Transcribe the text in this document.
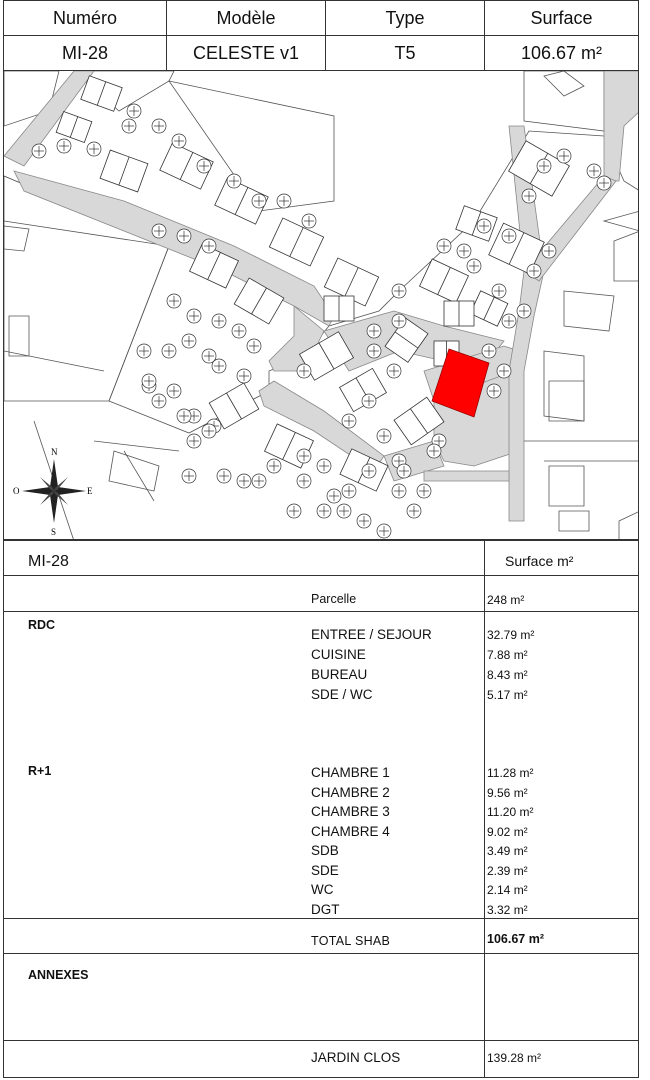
Numéro	Modèle	Type	Surface
MI-28	CELESTE v1	T5	106.67 m²
N
S
E
O
MI-28	Surface m²
Parcelle	248 m²
RDC
ENTREE / SEJOUR	32.79 m²
CUISINE	7.88 m²
BUREAU	8.43 m²
SDE / WC	5.17 m²
R+1	CHAMBRE 1	11.28 m²
CHAMBRE 2	9.56 m²
CHAMBRE 3	11.20 m²
CHAMBRE 4	9.02 m²
SDB	3.49 m²
SDE	2.39 m²
WC	2.14 m²
DGT	3.32 m²
TOTAL SHAB	106.67 m²
ANNEXES
JARDIN CLOS	139.28 m²
